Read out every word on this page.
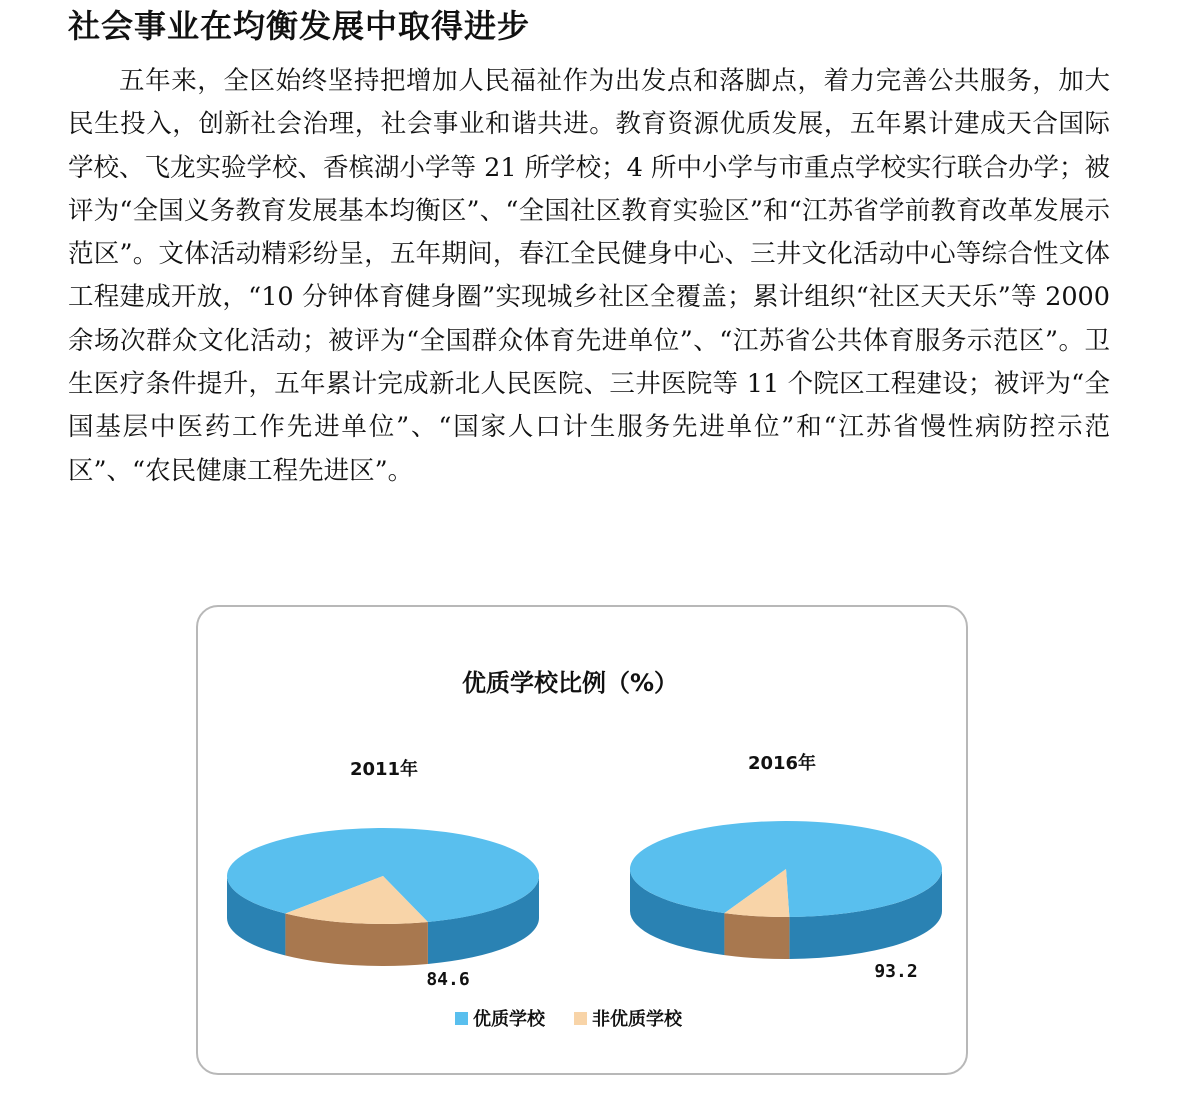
社会事业在均衡发展中取得进步

五年来，全区始终坚持把增加人民福祉作为出发点和落脚点，着力完善公共服务，加大民生投入，创新社会治理，社会事业和谐共进。教育资源优质发展，五年累计建成天合国际学校、飞龙实验学校、香槟湖小学等 21 所学校；4 所中小学与市重点学校实行联合办学；被评为“全国义务教育发展基本均衡区”、“全国社区教育实验区”和“江苏省学前教育改革发展示范区”。文体活动精彩纷呈，五年期间，春江全民健身中心、三井文化活动中心等综合性文体工程建成开放，“10 分钟体育健身圈”实现城乡社区全覆盖；累计组织“社区天天乐”等 2000 余场次群众文化活动；被评为“全国群众体育先进单位”、“江苏省公共体育服务示范区”。卫生医疗条件提升，五年累计完成新北人民医院、三井医院等 11 个院区工程建设；被评为“全国基层中医药工作先进单位”、“国家人口计生服务先进单位”和“江苏省慢性病防控示范区”、“农民健康工程先进区”。

优质学校比例（%）
2011年	2016年
84.6	93.2
优质学校	非优质学校
